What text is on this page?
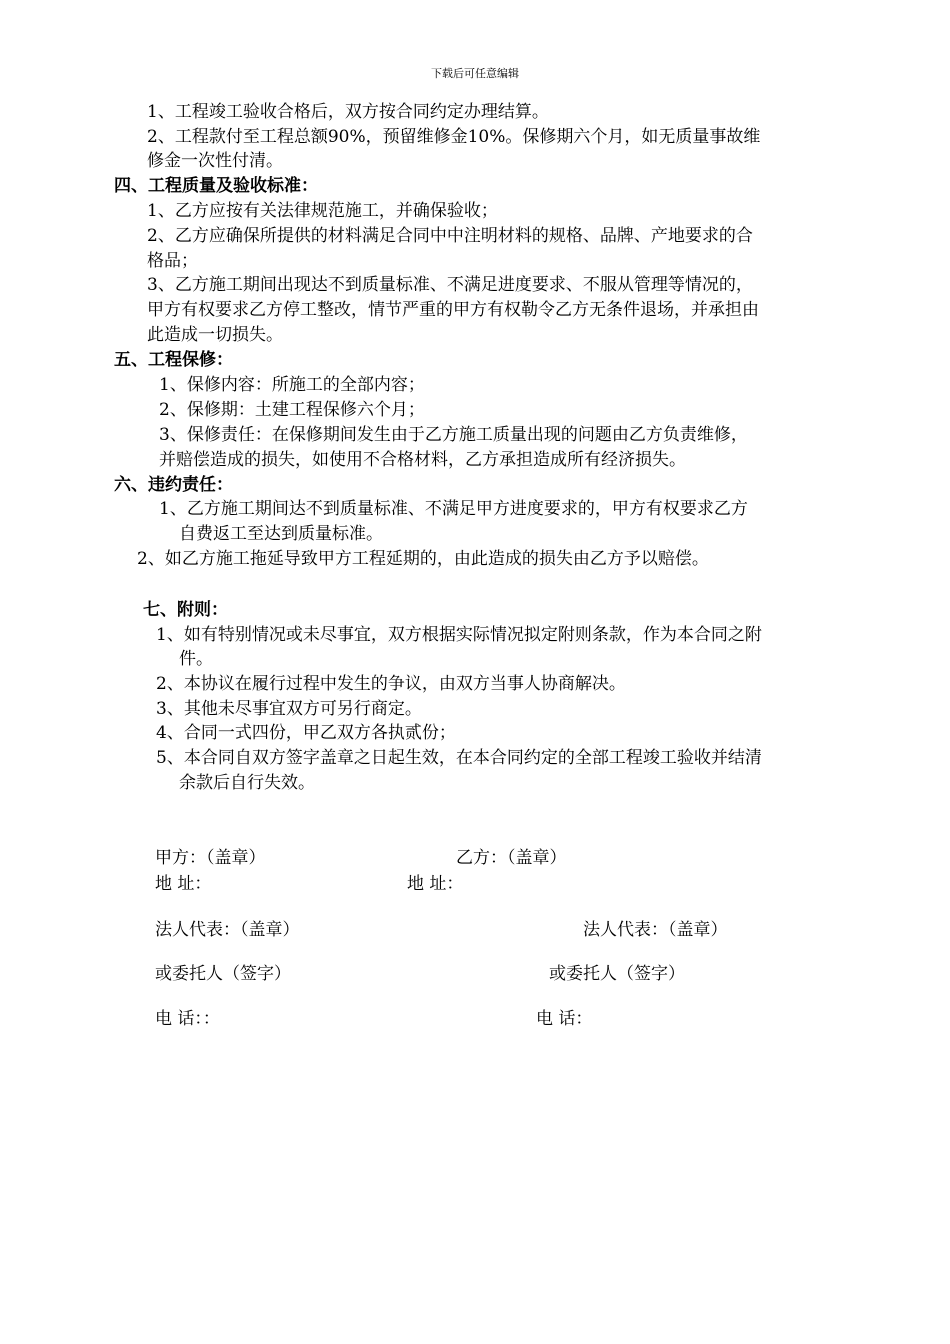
下载后可任意编辑
1、工程竣工验收合格后，双方按合同约定办理结算。
2、工程款付至工程总额90%，预留维修金10%。保修期六个月，如无质量事故维
修金一次性付清。
四、工程质量及验收标准：
1、乙方应按有关法律规范施工，并确保验收；
2、乙方应确保所提供的材料满足合同中中注明材料的规格、品牌、产地要求的合
格品；
3、乙方施工期间出现达不到质量标准、不满足进度要求、不服从管理等情况的，
甲方有权要求乙方停工整改，情节严重的甲方有权勒令乙方无条件退场，并承担由
此造成一切损失。
五、工程保修：
1、保修内容：所施工的全部内容；
2、保修期：土建工程保修六个月；
3、保修责任：在保修期间发生由于乙方施工质量出现的问题由乙方负责维修，
并赔偿造成的损失，如使用不合格材料，乙方承担造成所有经济损失。
六、违约责任：
1、乙方施工期间达不到质量标准、不满足甲方进度要求的，甲方有权要求乙方
自费返工至达到质量标准。
2、如乙方施工拖延导致甲方工程延期的，由此造成的损失由乙方予以赔偿。
七、附则：
1、如有特别情况或未尽事宜，双方根据实际情况拟定附则条款，作为本合同之附
件。
2、本协议在履行过程中发生的争议，由双方当事人协商解决。
3、其他未尽事宜双方可另行商定。
4、合同一式四份，甲乙双方各执贰份；
5、本合同自双方签字盖章之日起生效，在本合同约定的全部工程竣工验收并结清
余款后自行失效。
甲方：（盖章）	乙方：（盖章）
地 址：	地 址：
法人代表：（盖章）	法人代表：（盖章）
或委托人（签字）	或委托人（签字）
电 话：：	电 话：
